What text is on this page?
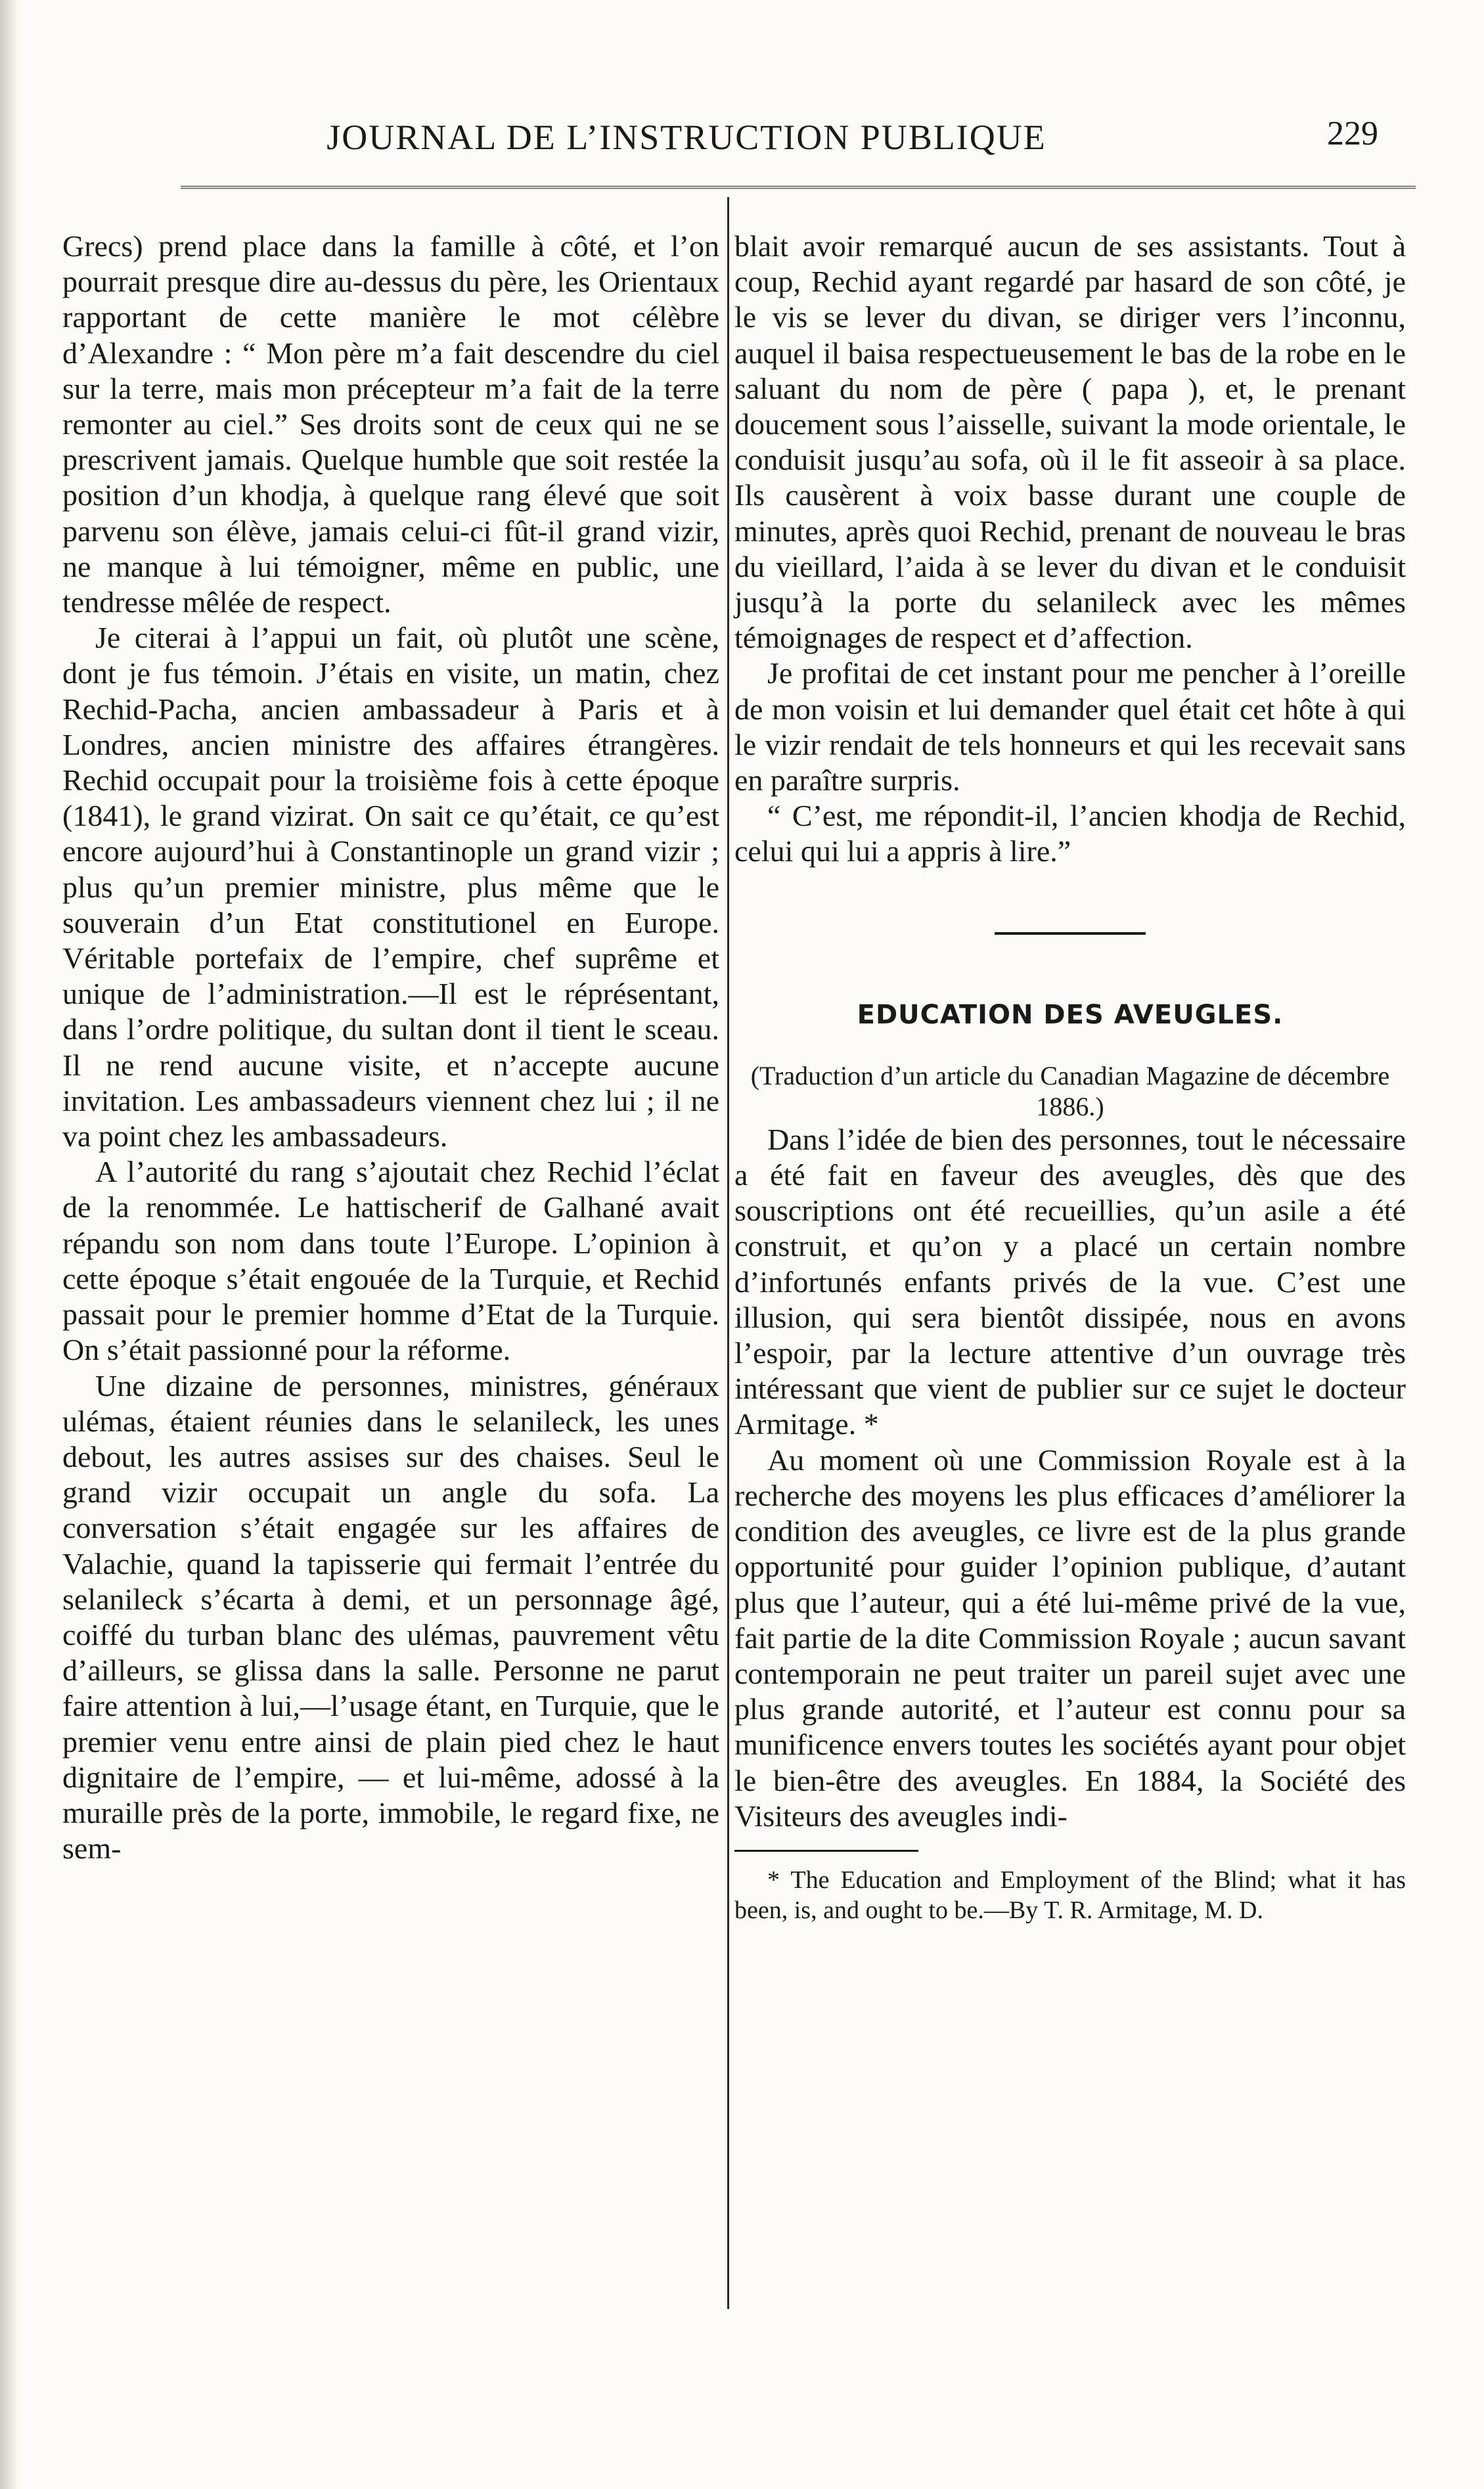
JOURNAL DE L’INSTRUCTION PUBLIQUE	229

Grecs) prend place dans la famille à côté, et l’on pourrait presque dire au-dessus du père, les Orientaux rapportant de cette manière le mot célèbre d’Alexandre : “ Mon père m’a fait descendre du ciel sur la terre, mais mon précepteur m’a fait de la terre remonter au ciel.” Ses droits sont de ceux qui ne se prescrivent jamais. Quelque humble que soit restée la position d’un khodja, à quelque rang élevé que soit parvenu son élève, jamais celui-ci fût-il grand vizir, ne manque à lui témoigner, même en public, une tendresse mêlée de respect.

Je citerai à l’appui un fait, où plutôt une scène, dont je fus témoin. J’étais en visite, un matin, chez Rechid-Pacha, ancien ambassadeur à Paris et à Londres, ancien ministre des affaires étrangères. Rechid occupait pour la troisième fois à cette époque (1841), le grand vizirat. On sait ce qu’était, ce qu’est encore aujourd’hui à Constantinople un grand vizir ; plus qu’un premier ministre, plus même que le souverain d’un Etat constitutionel en Europe. Véritable portefaix de l’empire, chef suprême et unique de l’administration.—Il est le réprésentant, dans l’ordre politique, du sultan dont il tient le sceau. Il ne rend aucune visite, et n’accepte aucune invitation. Les ambassadeurs viennent chez lui ; il ne va point chez les ambassadeurs.

A l’autorité du rang s’ajoutait chez Rechid l’éclat de la renommée. Le hattischerif de Galhané avait répandu son nom dans toute l’Europe. L’opinion à cette époque s’était engouée de la Turquie, et Rechid passait pour le premier homme d’Etat de la Turquie. On s’était passionné pour la réforme.

Une dizaine de personnes, ministres, généraux ulémas, étaient réunies dans le selanileck, les unes debout, les autres assises sur des chaises. Seul le grand vizir occupait un angle du sofa. La conversation s’était engagée sur les affaires de Valachie, quand la tapisserie qui fermait l’entrée du selanileck s’écarta à demi, et un personnage âgé, coiffé du turban blanc des ulémas, pauvrement vêtu d’ailleurs, se glissa dans la salle. Personne ne parut faire attention à lui,—l’usage étant, en Turquie, que le premier venu entre ainsi de plain pied chez le haut dignitaire de l’empire, — et lui-même, adossé à la muraille près de la porte, immobile, le regard fixe, ne sem-

blait avoir remarqué aucun de ses assistants. Tout à coup, Rechid ayant regardé par hasard de son côté, je le vis se lever du divan, se diriger vers l’inconnu, auquel il baisa respectueusement le bas de la robe en le saluant du nom de père ( papa ), et, le prenant doucement sous l’aisselle, suivant la mode orientale, le conduisit jusqu’au sofa, où il le fit asseoir à sa place. Ils causèrent à voix basse durant une couple de minutes, après quoi Rechid, prenant de nouveau le bras du vieillard, l’aida à se lever du divan et le conduisit jusqu’à la porte du selanileck avec les mêmes témoignages de respect et d’affection.

Je profitai de cet instant pour me pencher à l’oreille de mon voisin et lui demander quel était cet hôte à qui le vizir rendait de tels honneurs et qui les recevait sans en paraître surpris.

“ C’est, me répondit-il, l’ancien khodja de Rechid, celui qui lui a appris à lire.”

EDUCATION DES AVEUGLES.

(Traduction d’un article du Canadian Magazine de décembre 1886.)

Dans l’idée de bien des personnes, tout le nécessaire a été fait en faveur des aveugles, dès que des souscriptions ont été recueillies, qu’un asile a été construit, et qu’on y a placé un certain nombre d’infortunés enfants privés de la vue. C’est une illusion, qui sera bientôt dissipée, nous en avons l’espoir, par la lecture attentive d’un ouvrage très intéressant que vient de publier sur ce sujet le docteur Armitage. *

Au moment où une Commission Royale est à la recherche des moyens les plus efficaces d’améliorer la condition des aveugles, ce livre est de la plus grande opportunité pour guider l’opinion publique, d’autant plus que l’auteur, qui a été lui-même privé de la vue, fait partie de la dite Commission Royale ; aucun savant contemporain ne peut traiter un pareil sujet avec une plus grande autorité, et l’auteur est connu pour sa munificence envers toutes les sociétés ayant pour objet le bien-être des aveugles. En 1884, la Société des Visiteurs des aveugles indi-

* The Education and Employment of the Blind; what it has been, is, and ought to be.—By T. R. Armitage, M. D.
